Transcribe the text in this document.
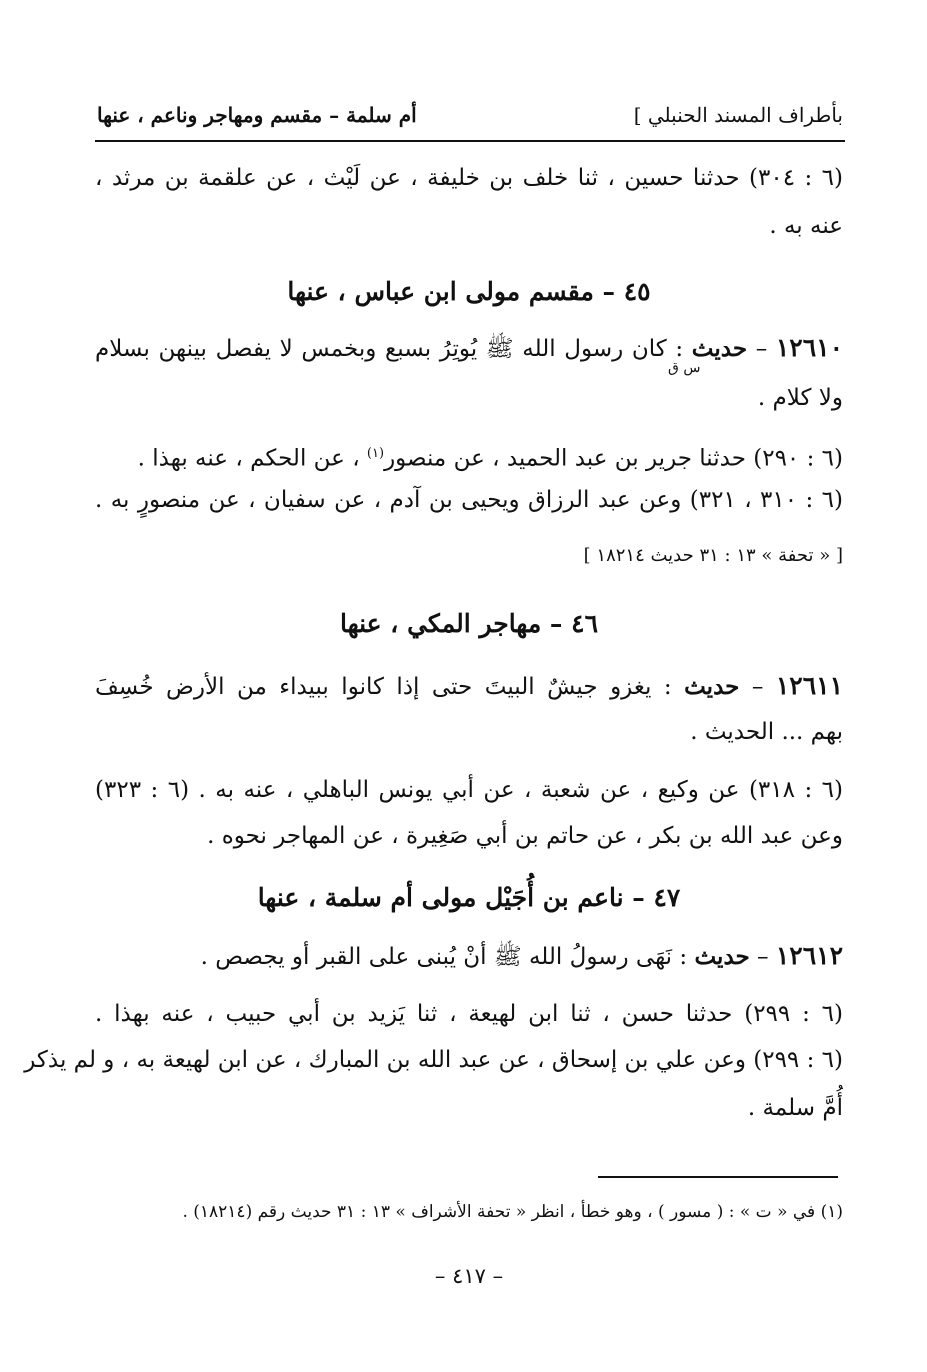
أم سلمة – مقسم ومهاجر وناعم ، عنها	بأطراف المسند الحنبلي ]

(٦ : ٣٠٤) حدثنا حسين ، ثنا خلف بن خليفة ، عن لَيْث ، عن علقمة بن مرثد ،

عنه به .

٤٥ – مقسم مولى ابن عباس ، عنها

١٢٦١٠ – حديث : كان رسول الله ﷺ يُوتِرُ بسبع وبخمس لا يفصل بينهن بسلام

س ق

ولا كلام .

(٦ : ٢٩٠) حدثنا جرير بن عبد الحميد ، عن منصور$^{(١)}$ ، عن الحكم ، عنه بهذا .

(٦ : ٣١٠ ، ٣٢١) وعن عبد الرزاق ويحيى بن آدم ، عن سفيان ، عن منصورٍ به .

[ « تحفة » ١٣ : ٣١ حديث ١٨٢١٤ ]

٤٦ – مهاجر المكي ، عنها

١٢٦١١ – حديث : يغزو جيشٌ البيتَ حتى إذا كانوا ببيداء من الأرض خُسِفَ

بهم ... الحديث .

(٦ : ٣١٨) عن وكيع ، عن شعبة ، عن أبي يونس الباهلي ، عنه به . (٦ : ٣٢٣)

وعن عبد الله بن بكر ، عن حاتم بن أبي صَغِيرة ، عن المهاجر نحوه .

٤٧ – ناعم بن أُجَيْل مولى أم سلمة ، عنها

١٢٦١٢ – حديث : نَهَى رسولُ الله ﷺ أنْ يُبنى على القبر أو يجصص .

(٦ : ٢٩٩) حدثنا حسن ، ثنا ابن لهيعة ، ثنا يَزيد بن أبي حبيب ، عنه بهذا .

(٦ : ٢٩٩) وعن علي بن إسحاق ، عن عبد الله بن المبارك ، عن ابن لهيعة به ، و لم يذكر

أُمَّ سلمة .

(١) في « ت » : ( مسور ) ، وهو خطأ ، انظر « تحفة الأشراف » ١٣ : ٣١ حديث رقم (١٨٢١٤) .

– ٤١٧ –
